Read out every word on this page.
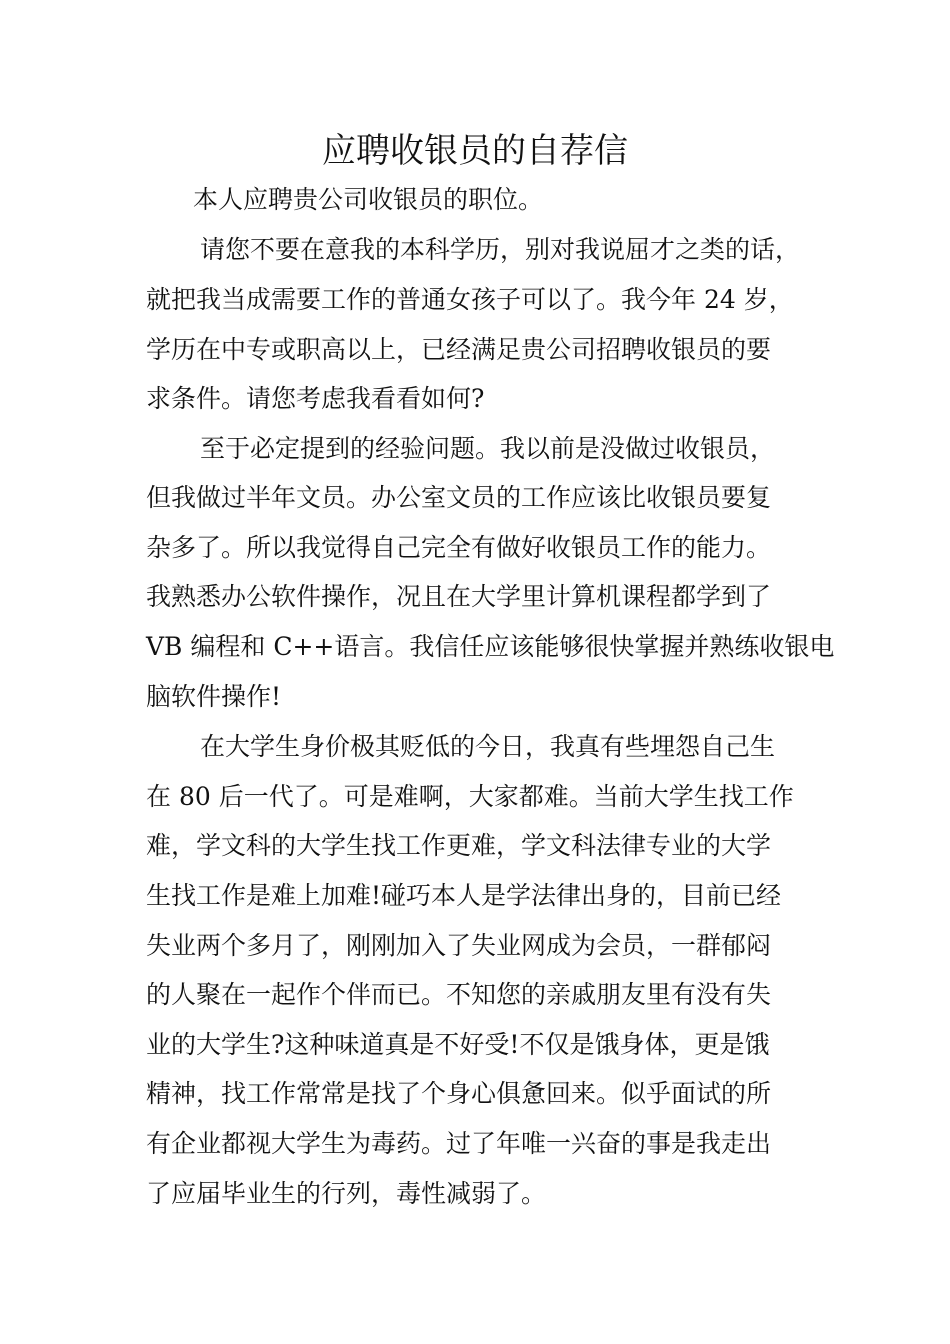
应聘收银员的自荐信
本人应聘贵公司收银员的职位。
请您不要在意我的本科学历，别对我说屈才之类的话，
就把我当成需要工作的普通女孩子可以了。我今年 24 岁，
学历在中专或职高以上，已经满足贵公司招聘收银员的要
求条件。请您考虑我看看如何?
至于必定提到的经验问题。我以前是没做过收银员，
但我做过半年文员。办公室文员的工作应该比收银员要复
杂多了。所以我觉得自己完全有做好收银员工作的能力。
我熟悉办公软件操作，况且在大学里计算机课程都学到了
VB 编程和 C++语言。我信任应该能够很快掌握并熟练收银电
脑软件操作!
在大学生身价极其贬低的今日，我真有些埋怨自己生
在 80 后一代了。可是难啊，大家都难。当前大学生找工作
难，学文科的大学生找工作更难，学文科法律专业的大学
生找工作是难上加难!碰巧本人是学法律出身的，目前已经
失业两个多月了，刚刚加入了失业网成为会员，一群郁闷
的人聚在一起作个伴而已。不知您的亲戚朋友里有没有失
业的大学生?这种味道真是不好受!不仅是饿身体，更是饿
精神，找工作常常是找了个身心俱惫回来。似乎面试的所
有企业都视大学生为毒药。过了年唯一兴奋的事是我走出
了应届毕业生的行列，毒性减弱了。
